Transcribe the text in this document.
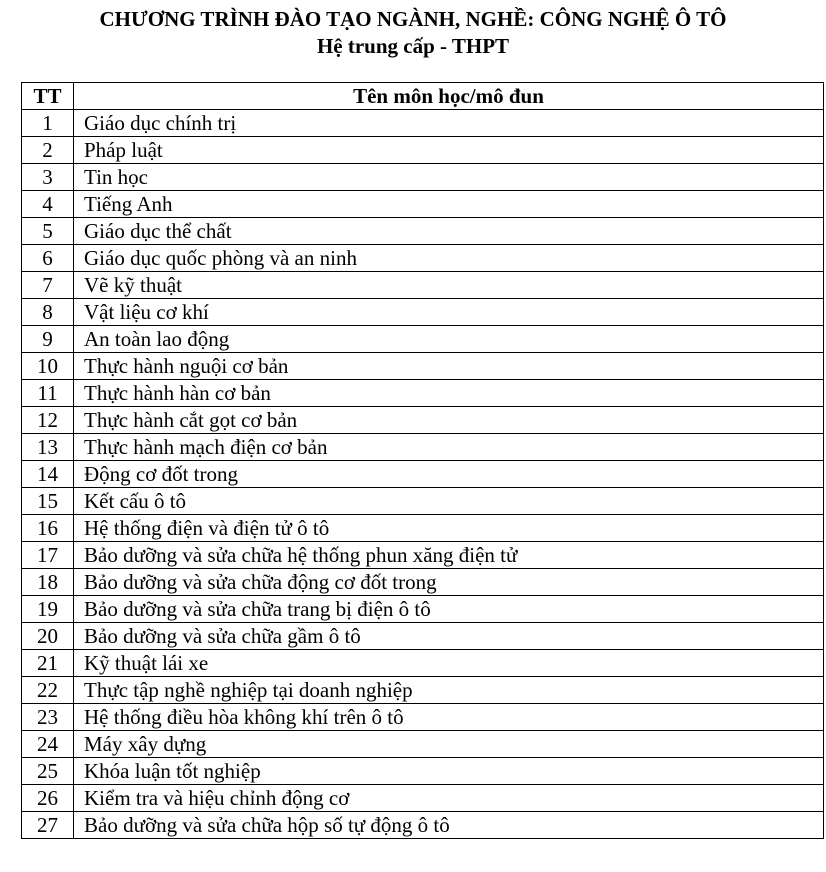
CHƯƠNG TRÌNH ĐÀO TẠO NGÀNH, NGHỀ: CÔNG NGHỆ Ô TÔ
Hệ trung cấp - THPT
TT	Tên môn học/mô đun
1	Giáo dục chính trị
2	Pháp luật
3	Tin học
4	Tiếng Anh
5	Giáo dục thể chất
6	Giáo dục quốc phòng và an ninh
7	Vẽ kỹ thuật
8	Vật liệu cơ khí
9	An toàn lao động
10	Thực hành nguội cơ bản
11	Thực hành hàn cơ bản
12	Thực hành cắt gọt cơ bản
13	Thực hành mạch điện cơ bản
14	Động cơ đốt trong
15	Kết cấu ô tô
16	Hệ thống điện và điện tử ô tô
17	Bảo dưỡng và sửa chữa hệ thống phun xăng điện tử
18	Bảo dưỡng và sửa chữa động cơ đốt trong
19	Bảo dưỡng và sửa chữa trang bị điện ô tô
20	Bảo dưỡng và sửa chữa gầm ô tô
21	Kỹ thuật lái xe
22	Thực tập nghề nghiệp tại doanh nghiệp
23	Hệ thống điều hòa không khí trên ô tô
24	Máy xây dựng
25	Khóa luận tốt nghiệp
26	Kiểm tra và hiệu chỉnh động cơ
27	Bảo dưỡng và sửa chữa hộp số tự động ô tô
